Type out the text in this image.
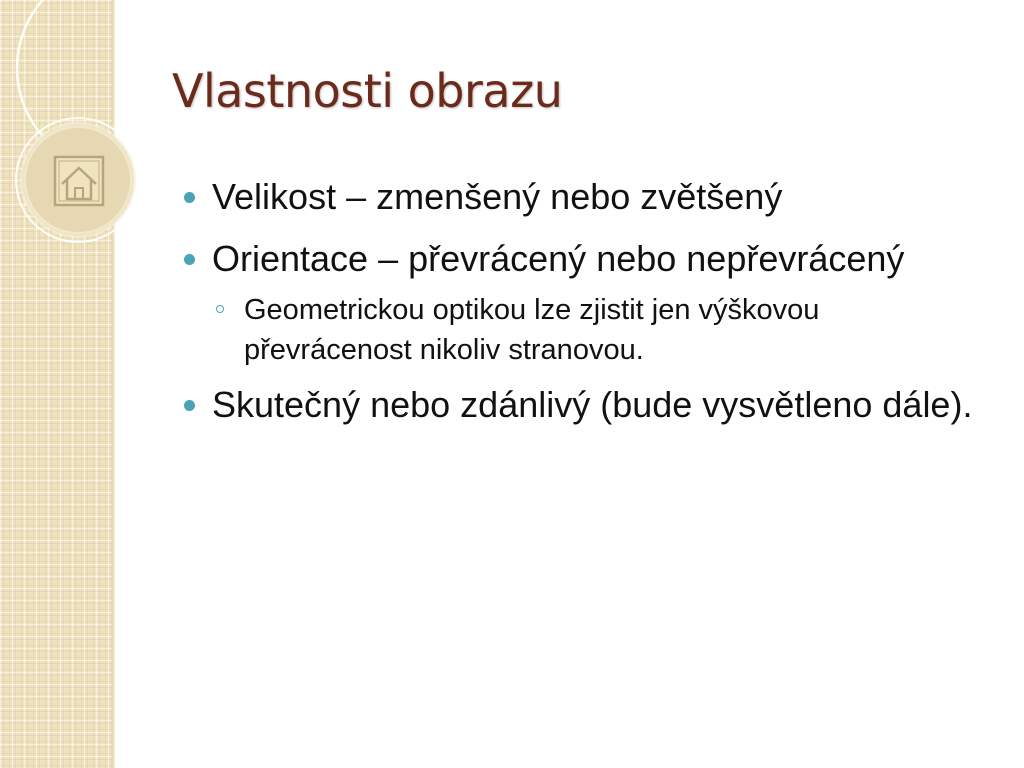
Vlastnosti obrazu
Velikost – zmenšený nebo zvětšený
Orientace – převrácený nebo nepřevrácený
Geometrickou optikou lze zjistit jen výškovou převrácenost nikoliv stranovou.
Skutečný nebo zdánlivý (bude vysvětleno dále).
